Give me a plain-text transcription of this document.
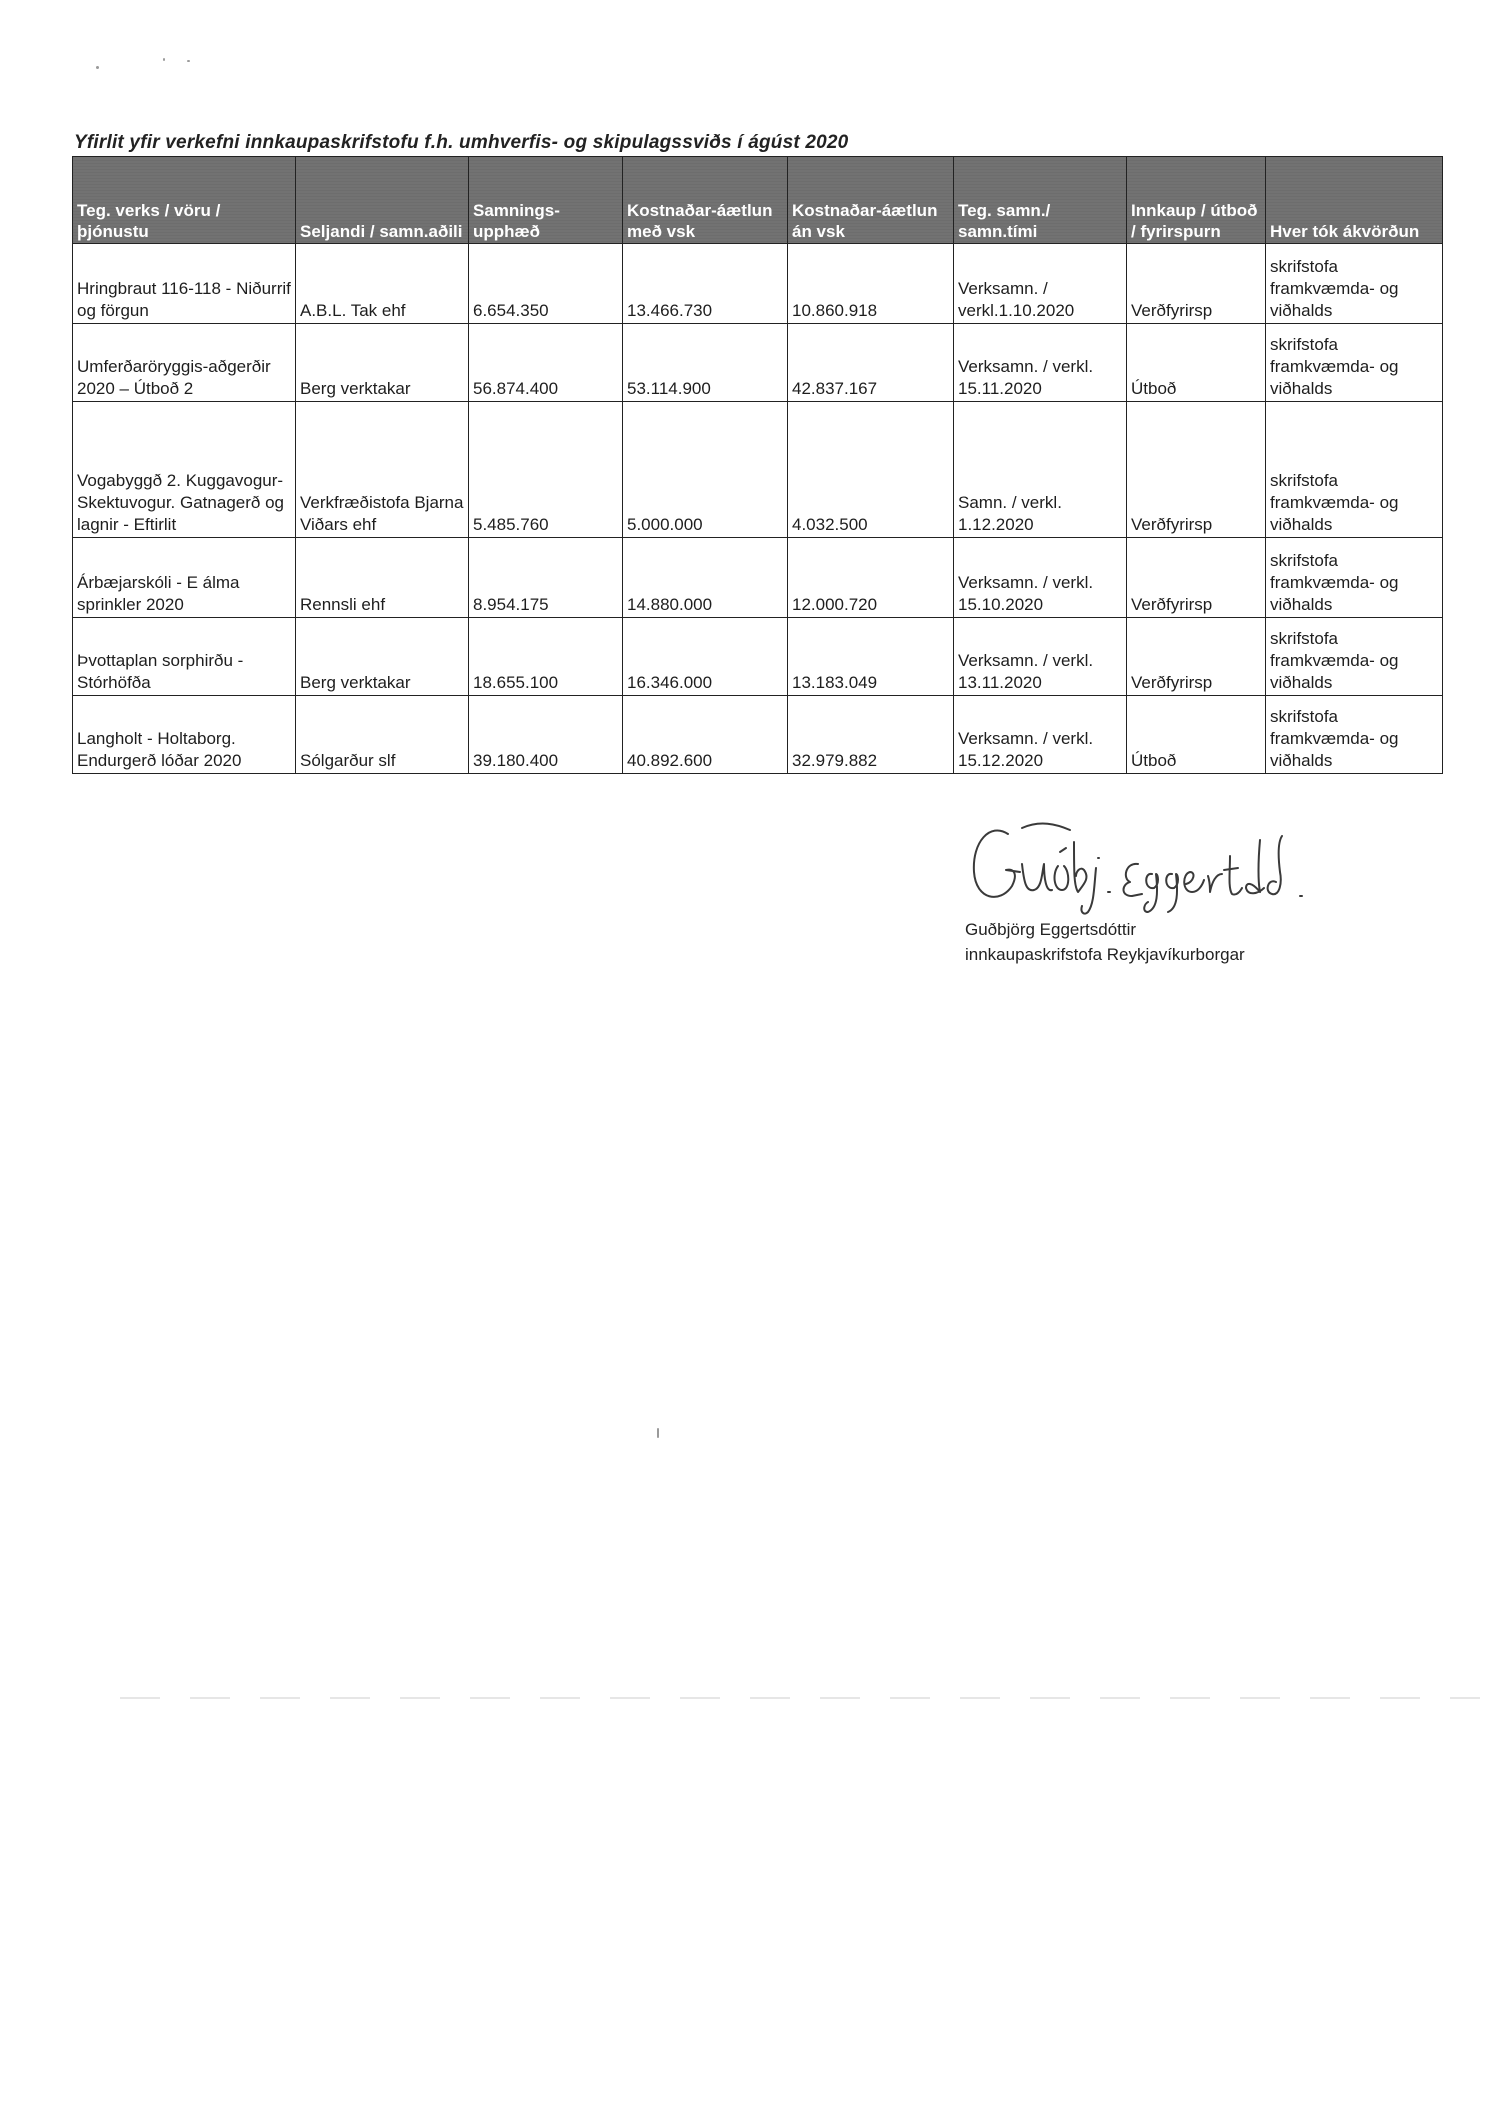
Yfirlit yfir verkefni innkaupaskrifstofu f.h. umhverfis- og skipulagssviðs í ágúst 2020
Teg. verks / vöru / þjónustu	Seljandi / samn.aðili	Samnings-upphæð	Kostnaðar-áætlun með vsk	Kostnaðar-áætlun án vsk	Teg. samn./ samn.tími	Innkaup / útboð / fyrirspurn	Hver tók ákvörðun
Hringbraut 116-118 - Niðurrif og förgun	A.B.L. Tak ehf	6.654.350	13.466.730	10.860.918	Verksamn. / verkl.1.10.2020	Verðfyrirsp	skrifstofa framkvæmda- og viðhalds
Umferðaröryggis-aðgerðir 2020 – Útboð 2	Berg verktakar	56.874.400	53.114.900	42.837.167	Verksamn. / verkl. 15.11.2020	Útboð	skrifstofa framkvæmda- og viðhalds
Vogabyggð 2. Kuggavogur-Skektuvogur. Gatnagerð og lagnir - Eftirlit	Verkfræðistofa Bjarna Viðars ehf	5.485.760	5.000.000	4.032.500	Samn. / verkl. 1.12.2020	Verðfyrirsp	skrifstofa framkvæmda- og viðhalds
Árbæjarskóli - E álma sprinkler 2020	Rennsli ehf	8.954.175	14.880.000	12.000.720	Verksamn. / verkl. 15.10.2020	Verðfyrirsp	skrifstofa framkvæmda- og viðhalds
Þvottaplan sorphirðu - Stórhöfða	Berg verktakar	18.655.100	16.346.000	13.183.049	Verksamn. / verkl. 13.11.2020	Verðfyrirsp	skrifstofa framkvæmda- og viðhalds
Langholt - Holtaborg. Endurgerð lóðar 2020	Sólgarður slf	39.180.400	40.892.600	32.979.882	Verksamn. / verkl. 15.12.2020	Útboð	skrifstofa framkvæmda- og viðhalds
Guðbjörg Eggertsdóttir
innkaupaskrifstofa Reykjavíkurborgar
